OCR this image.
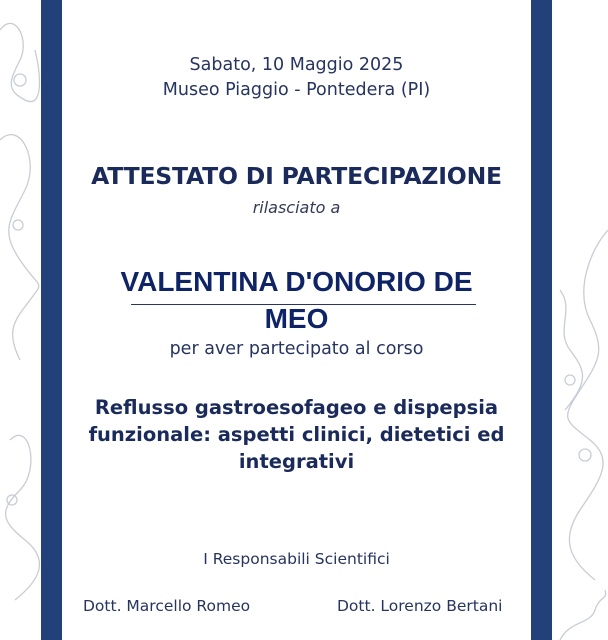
Sabato, 10 Maggio 2025
Museo Piaggio - Pontedera (PI)
ATTESTATO DI PARTECIPAZIONE
rilasciato a
VALENTINA D'ONORIO DE
MEO
per aver partecipato al corso
Reflusso gastroesofageo e dispepsia funzionale: aspetti clinici, dietetici ed integrativi
I Responsabili Scientifici
Dott. Marcello Romeo	Dott. Lorenzo Bertani
